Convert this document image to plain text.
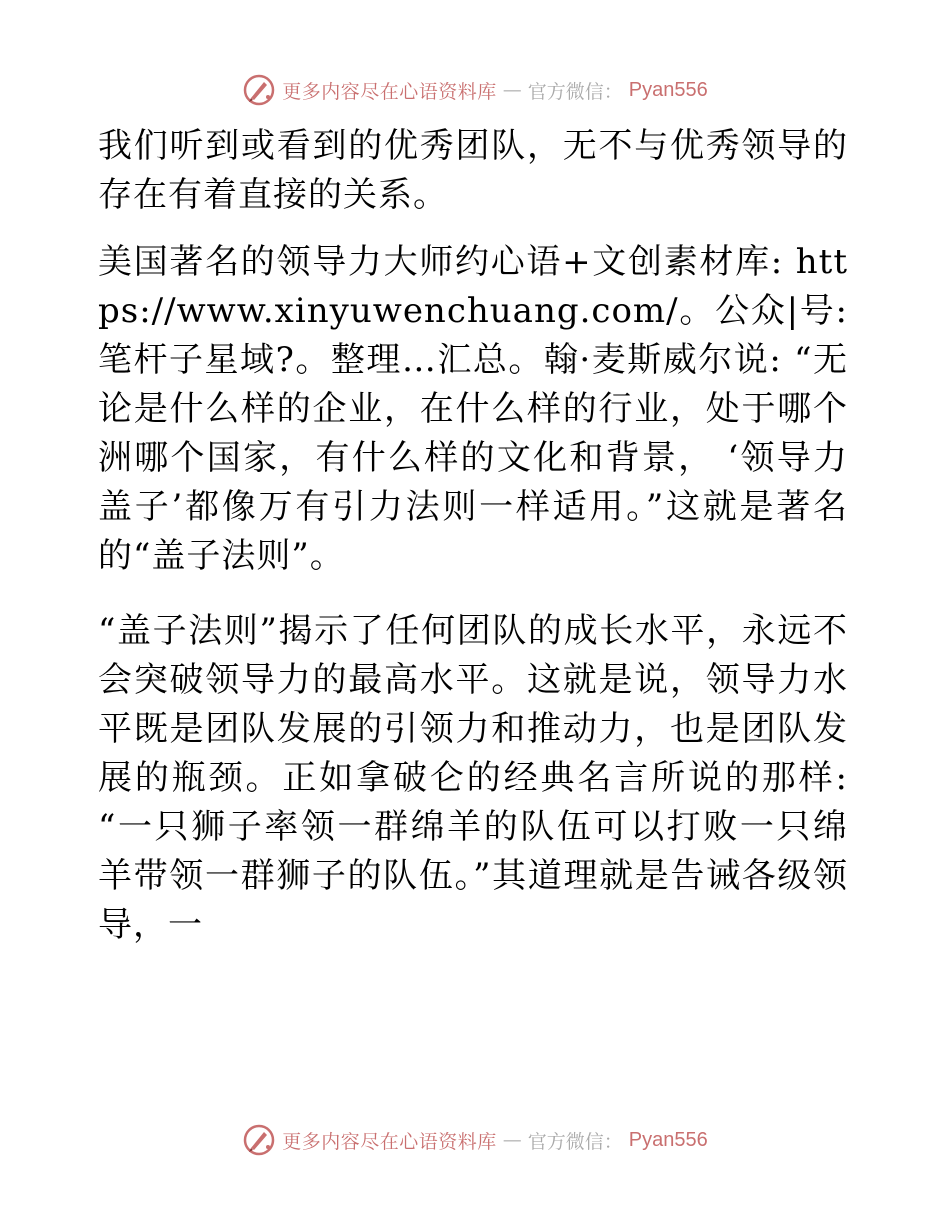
更多内容尽在心语资料库 — 官方微信： Pyan556

我们听到或看到的优秀团队，无不与优秀领导的存在有着直接的关系。

美国著名的领导力大师约心语+文创素材库: https://www.xinyuwenchuang.com/。公众|号: 笔杆子星域?。整理…汇总。翰·麦斯威尔说: “无论是什么样的企业，在什么样的行业，处于哪个洲哪个国家，有什么样的文化和背景， ‘领导力盖子’都像万有引力法则一样适用。”这就是著名的“盖子法则”。

“盖子法则”揭示了任何团队的成长水平，永远不会突破领导力的最高水平。这就是说，领导力水平既是团队发展的引领力和推动力，也是团队发展的瓶颈。正如拿破仑的经典名言所说的那样: “一只狮子率领一群绵羊的队伍可以打败一只绵羊带领一群狮子的队伍。”其道理就是告诫各级领导，一

更多内容尽在心语资料库 — 官方微信： Pyan556
